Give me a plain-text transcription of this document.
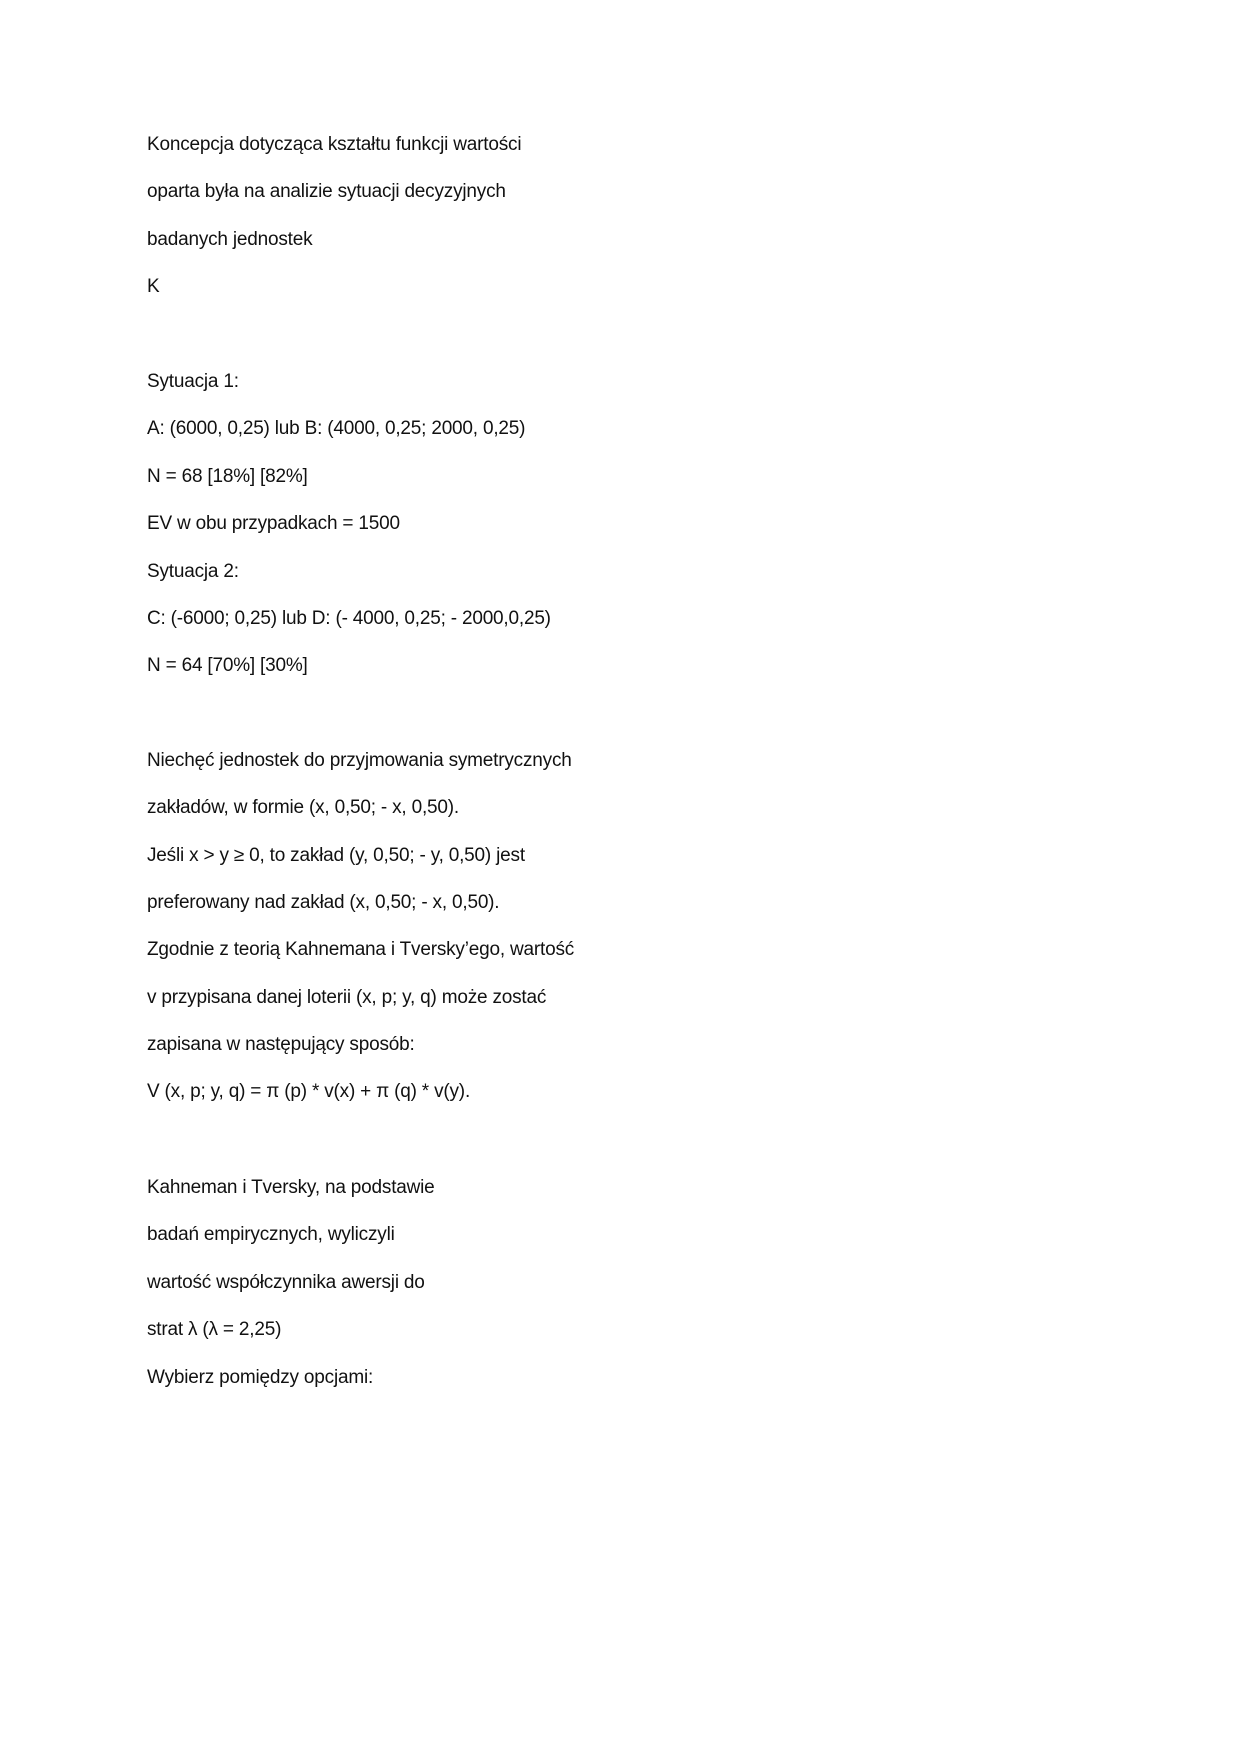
Koncepcja dotycząca kształtu funkcji wartości
oparta była na analizie sytuacji decyzyjnych
badanych jednostek
K
Sytuacja 1:
A: (6000, 0,25) lub B: (4000, 0,25; 2000, 0,25)
N = 68 [18%] [82%]
EV w obu przypadkach = 1500
Sytuacja 2:
C: (-6000; 0,25) lub D: (- 4000, 0,25; - 2000,0,25)
N = 64 [70%] [30%]
Niechęć jednostek do przyjmowania symetrycznych
zakładów, w formie (x, 0,50; - x, 0,50).
Jeśli x > y ≥ 0, to zakład (y, 0,50; - y, 0,50) jest
preferowany nad zakład (x, 0,50; - x, 0,50).
Zgodnie z teorią Kahnemana i Tversky’ego, wartość
v przypisana danej loterii (x, p; y, q) może zostać
zapisana w następujący sposób:
V (x, p; y, q) = π (p) * v(x) + π (q) * v(y).
Kahneman i Tversky, na podstawie
badań empirycznych, wyliczyli
wartość współczynnika awersji do
strat λ (λ = 2,25)
Wybierz pomiędzy opcjami:
